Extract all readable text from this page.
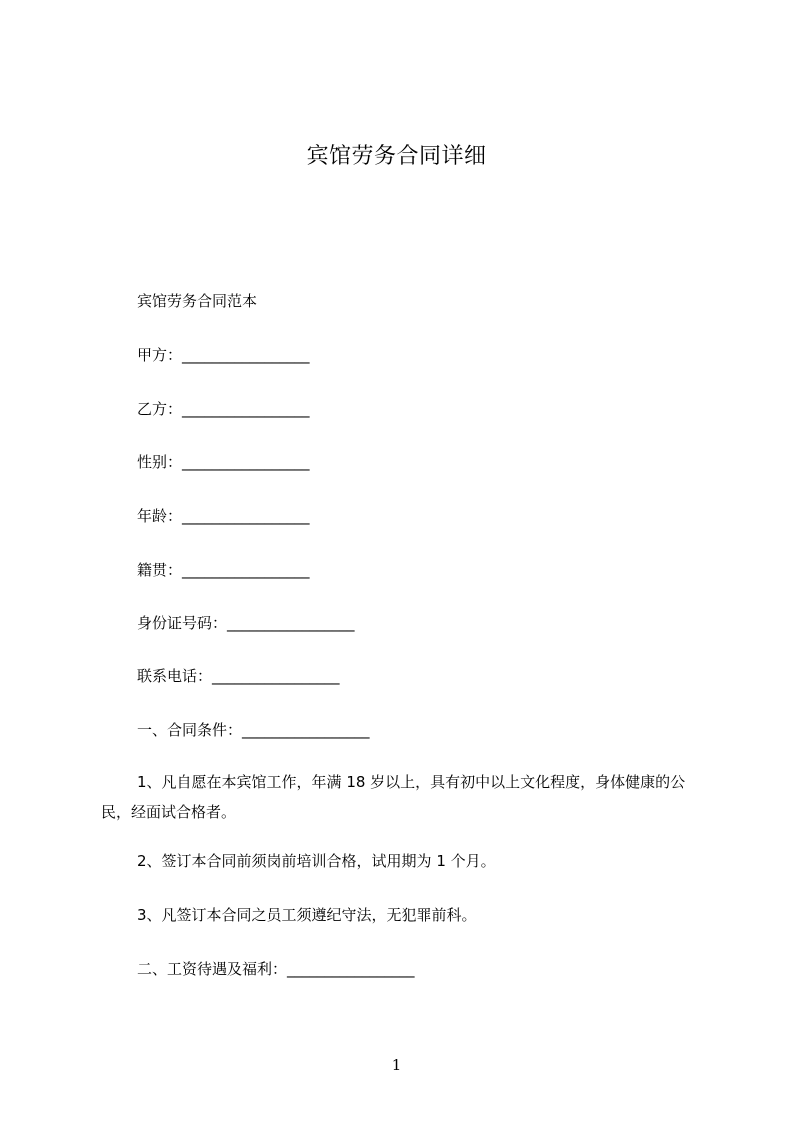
宾馆劳务合同详细
宾馆劳务合同范本
甲方：_________________
乙方：_________________
性别：_________________
年龄：_________________
籍贯：_________________
身份证号码：_________________
联系电话：_________________
一、合同条件：_________________
1、凡自愿在本宾馆工作，年满 18 岁以上，具有初中以上文化程度，身体健康的公民，经面试合格者。
2、签订本合同前须岗前培训合格，试用期为 1 个月。
3、凡签订本合同之员工须遵纪守法，无犯罪前科。
二、工资待遇及福利：_________________
1
